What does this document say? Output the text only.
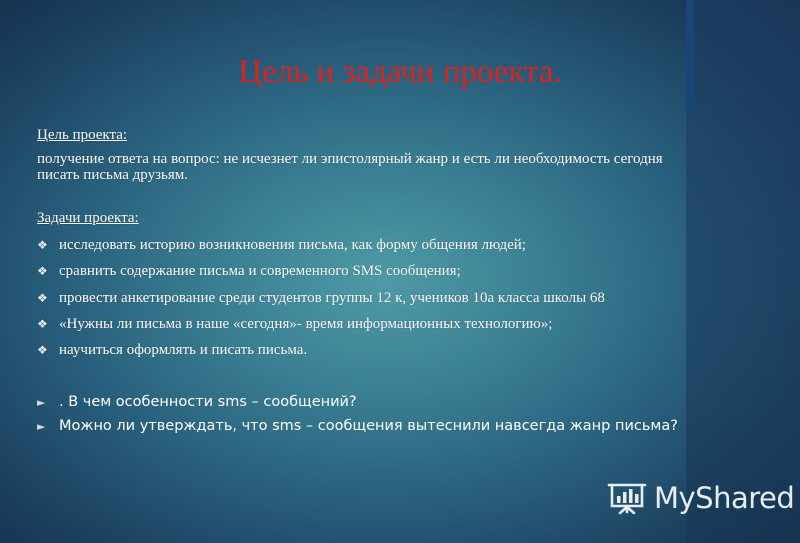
Цель и задачи проекта.
Цель проекта:
получение ответа на вопрос: не исчезнет ли эпистолярный жанр и есть ли необходимость сегодня писать письма друзьям.
Задачи проекта:
❖ исследовать историю возникновения письма, как форму общения людей;
❖ сравнить содержание письма и современного SMS сообщения;
❖ провести анкетирование среди студентов группы 12 к, учеников 10а класса школы 68
❖ «Нужны ли письма в наше «сегодня»- время информационных технологию»;
❖ научиться оформлять и писать письма.
► . В чем особенности sms – сообщений?
► Можно ли утверждать, что sms – сообщения вытеснили навсегда жанр письма?
MyShared
